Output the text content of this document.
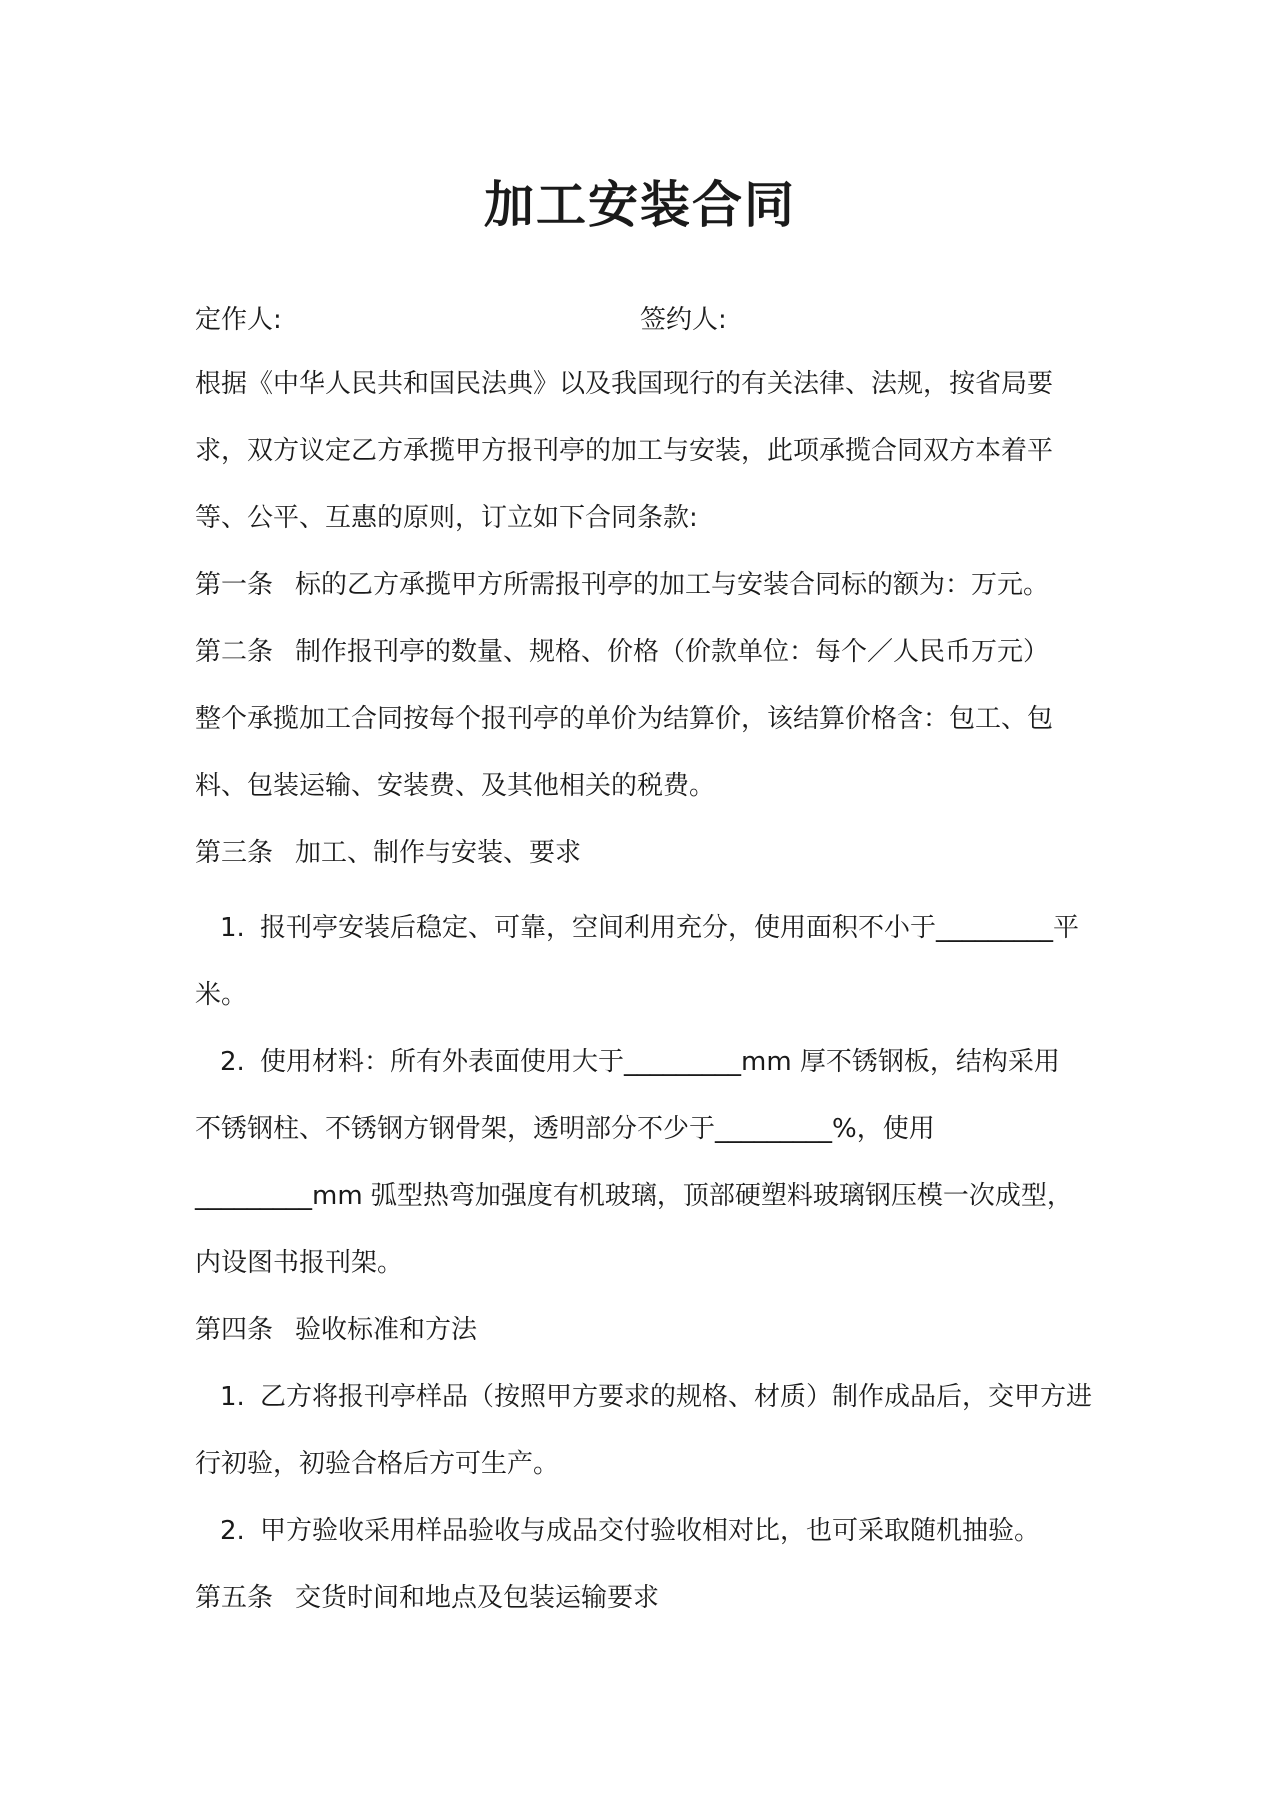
加工安装合同
定作人:	签约人:
根据《中华人民共和国民法典》以及我国现行的有关法律、法规，按省局要
求，双方议定乙方承揽甲方报刊亭的加工与安装，此项承揽合同双方本着平
等、公平、互惠的原则，订立如下合同条款:
第一条 标的乙方承揽甲方所需报刊亭的加工与安装合同标的额为：万元。
第二条 制作报刊亭的数量、规格、价格（价款单位：每个／人民币万元）
整个承揽加工合同按每个报刊亭的单价为结算价，该结算价格含：包工、包
料、包装运输、安装费、及其他相关的税费。
第三条 加工、制作与安装、要求
1. 报刊亭安装后稳定、可靠，空间利用充分，使用面积不小于_________平
米。
2. 使用材料：所有外表面使用大于_________mm 厚不锈钢板，结构采用
不锈钢柱、不锈钢方钢骨架，透明部分不少于_________%，使用
_________mm 弧型热弯加强度有机玻璃，顶部硬塑料玻璃钢压模一次成型，
内设图书报刊架。
第四条 验收标准和方法
1. 乙方将报刊亭样品（按照甲方要求的规格、材质）制作成品后，交甲方进
行初验，初验合格后方可生产。
2. 甲方验收采用样品验收与成品交付验收相对比，也可采取随机抽验。
第五条 交货时间和地点及包装运输要求
